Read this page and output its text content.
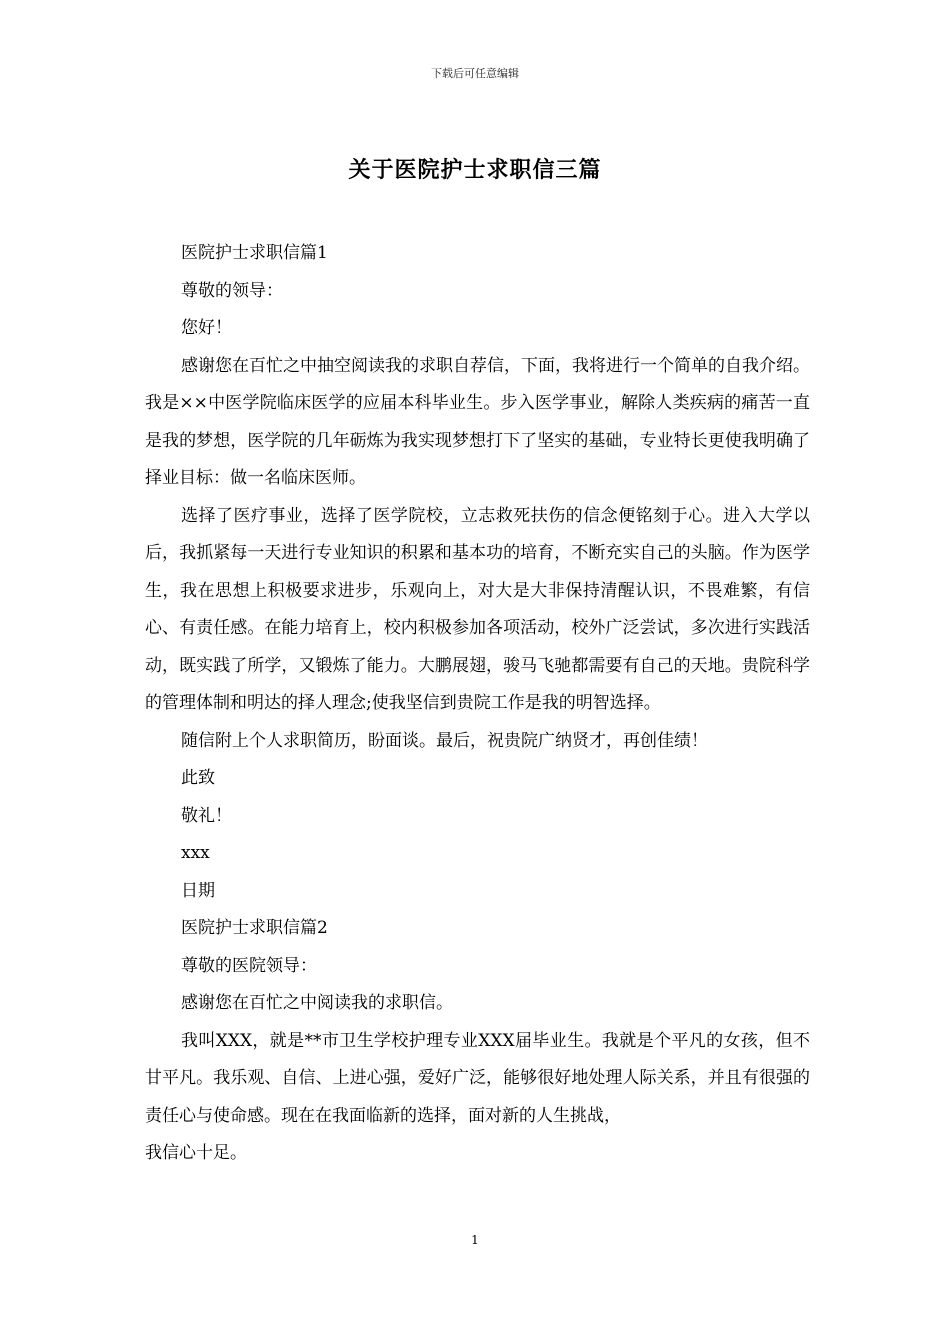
下载后可任意编辑
关于医院护士求职信三篇

医院护士求职信篇1

尊敬的领导：

您好！

感谢您在百忙之中抽空阅读我的求职自荐信，下面，我将进行一个简单的自我介绍。我是××中医学院临床医学的应届本科毕业生。步入医学事业，解除人类疾病的痛苦一直是我的梦想，医学院的几年砺炼为我实现梦想打下了坚实的基础，专业特长更使我明确了择业目标：做一名临床医师。

选择了医疗事业，选择了医学院校，立志救死扶伤的信念便铭刻于心。进入大学以后，我抓紧每一天进行专业知识的积累和基本功的培育，不断充实自己的头脑。作为医学生，我在思想上积极要求进步，乐观向上，对大是大非保持清醒认识，不畏难繁，有信心、有责任感。在能力培育上，校内积极参加各项活动，校外广泛尝试，多次进行实践活动，既实践了所学，又锻炼了能力。大鹏展翅，骏马飞驰都需要有自己的天地。贵院科学的管理体制和明达的择人理念;使我坚信到贵院工作是我的明智选择。

随信附上个人求职简历，盼面谈。最后，祝贵院广纳贤才，再创佳绩！

此致

敬礼！

xxx

日期

医院护士求职信篇2

尊敬的医院领导：

感谢您在百忙之中阅读我的求职信。

我叫XXX，就是**市卫生学校护理专业XXX届毕业生。我就是个平凡的女孩，但不甘平凡。我乐观、自信、上进心强，爱好广泛，能够很好地处理人际关系，并且有很强的责任心与使命感。现在在我面临新的选择，面对新的人生挑战，
我信心十足。

1
